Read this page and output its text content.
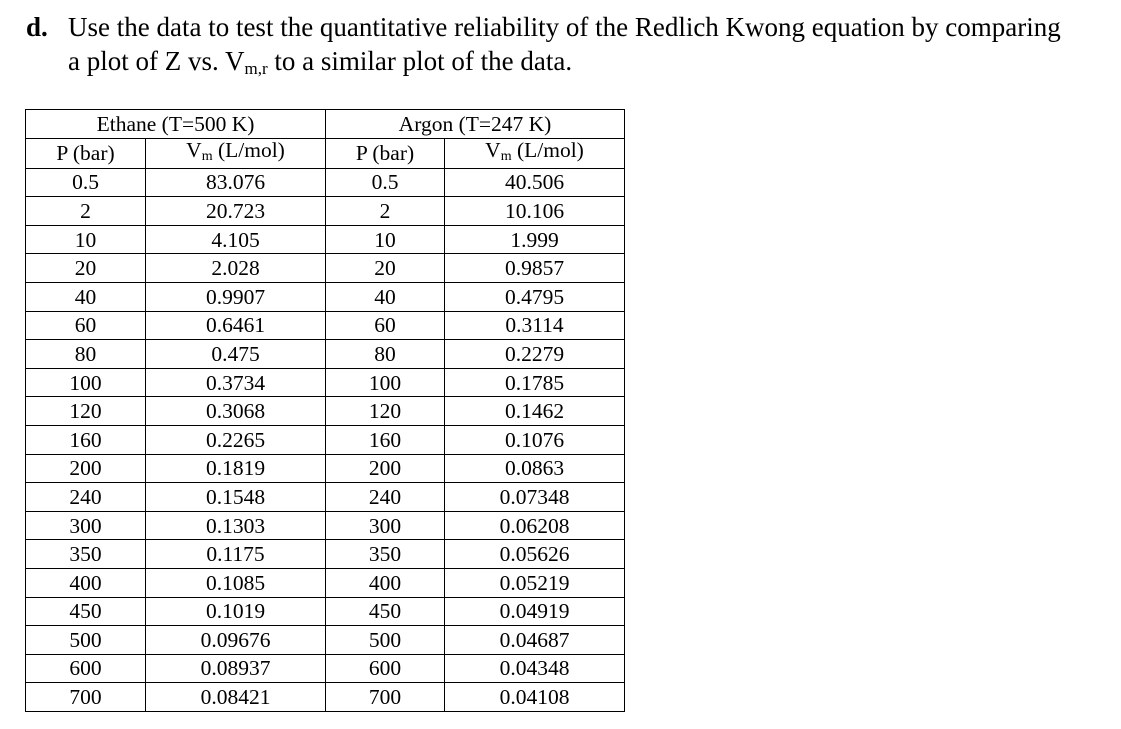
d. Use the data to test the quantitative reliability of the Redlich Kwong equation by comparing
a plot of Z vs. $V_{m,r}$ to a similar plot of the data.
Ethane (T=500 K)		Argon (T=247 K)	
P (bar)	$V_m$ (L/mol)	P (bar)	$V_m$ (L/mol)
0.5	83.076	0.5	40.506
2	20.723	2	10.106
10	4.105	10	1.999
20	2.028	20	0.9857
40	0.9907	40	0.4795
60	0.6461	60	0.3114
80	0.475	80	0.2279
100	0.3734	100	0.1785
120	0.3068	120	0.1462
160	0.2265	160	0.1076
200	0.1819	200	0.0863
240	0.1548	240	0.07348
300	0.1303	300	0.06208
350	0.1175	350	0.05626
400	0.1085	400	0.05219
450	0.1019	450	0.04919
500	0.09676	500	0.04687
600	0.08937	600	0.04348
700	0.08421	700	0.04108
